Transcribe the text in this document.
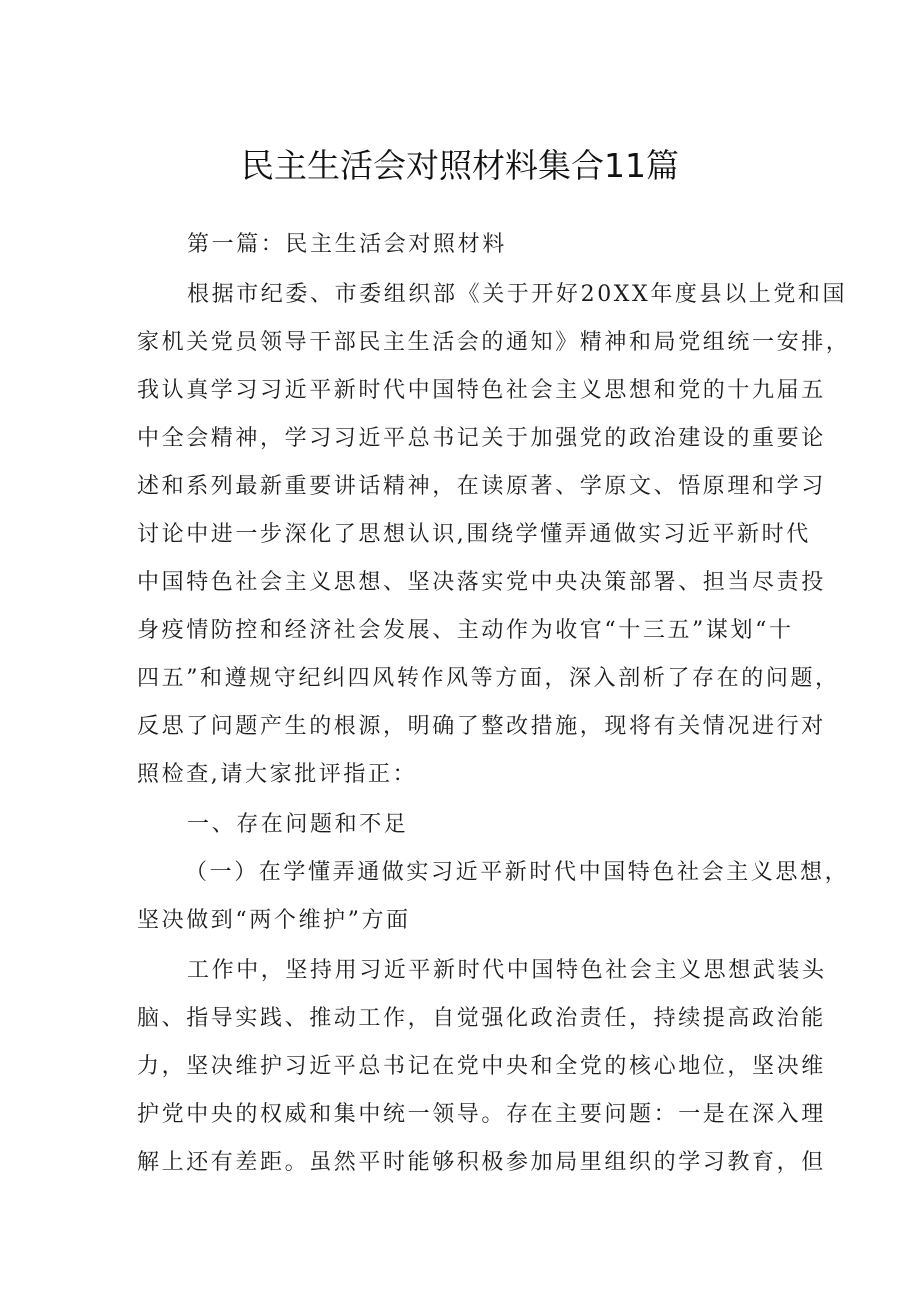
民主生活会对照材料集合11篇

第一篇：民主生活会对照材料

根据市纪委、市委组织部《关于开好20XX年度县以上党和国

家机关党员领导干部民主生活会的通知》精神和局党组统一安排，

我认真学习习近平新时代中国特色社会主义思想和党的十九届五

中全会精神，学习习近平总书记关于加强党的政治建设的重要论

述和系列最新重要讲话精神，在读原著、学原文、悟原理和学习

讨论中进一步深化了思想认识,围绕学懂弄通做实习近平新时代

中国特色社会主义思想、坚决落实党中央决策部署、担当尽责投

身疫情防控和经济社会发展、主动作为收官“十三五”谋划“十

四五”和遵规守纪纠四风转作风等方面，深入剖析了存在的问题，

反思了问题产生的根源，明确了整改措施，现将有关情况进行对

照检查,请大家批评指正：

一、存在问题和不足

（一）在学懂弄通做实习近平新时代中国特色社会主义思想，

坚决做到“两个维护”方面

工作中，坚持用习近平新时代中国特色社会主义思想武装头

脑、指导实践、推动工作，自觉强化政治责任，持续提高政治能

力，坚决维护习近平总书记在党中央和全党的核心地位，坚决维

护党中央的权威和集中统一领导。存在主要问题：一是在深入理

解上还有差距。虽然平时能够积极参加局里组织的学习教育，但
